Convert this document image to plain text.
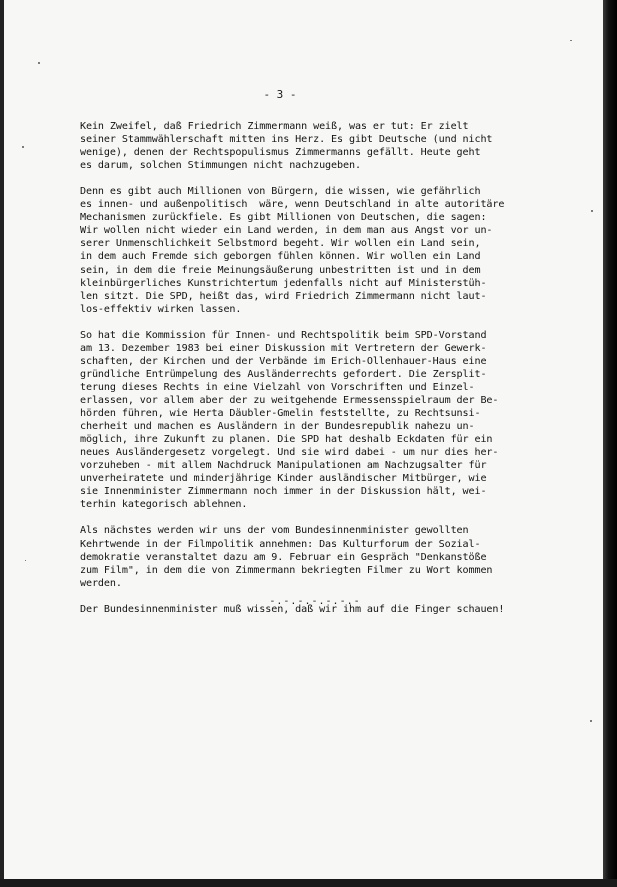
- 3 -
Kein Zweifel, daß Friedrich Zimmermann weiß, was er tut: Er zielt
seiner Stammwählerschaft mitten ins Herz. Es gibt Deutsche (und nicht
wenige), denen der Rechtspopulismus Zimmermanns gefällt. Heute geht
es darum, solchen Stimmungen nicht nachzugeben.
Denn es gibt auch Millionen von Bürgern, die wissen, wie gefährlich
es innen- und außenpolitisch  wäre, wenn Deutschland in alte autoritäre
Mechanismen zurückfiele. Es gibt Millionen von Deutschen, die sagen:
Wir wollen nicht wieder ein Land werden, in dem man aus Angst vor un-
serer Unmenschlichkeit Selbstmord begeht. Wir wollen ein Land sein,
in dem auch Fremde sich geborgen fühlen können. Wir wollen ein Land
sein, in dem die freie Meinungsäußerung unbestritten ist und in dem
kleinbürgerliches Kunstrichtertum jedenfalls nicht auf Ministerstüh-
len sitzt. Die SPD, heißt das, wird Friedrich Zimmermann nicht laut-
los-effektiv wirken lassen.
So hat die Kommission für Innen- und Rechtspolitik beim SPD-Vorstand
am 13. Dezember 1983 bei einer Diskussion mit Vertretern der Gewerk-
schaften, der Kirchen und der Verbände im Erich-Ollenhauer-Haus eine
gründliche Entrümpelung des Ausländerrechts gefordert. Die Zersplit-
terung dieses Rechts in eine Vielzahl von Vorschriften und Einzel-
erlassen, vor allem aber der zu weitgehende Ermessensspielraum der Be-
hörden führen, wie Herta Däubler-Gmelin feststellte, zu Rechtsunsi-
cherheit und machen es Ausländern in der Bundesrepublik nahezu un-
möglich, ihre Zukunft zu planen. Die SPD hat deshalb Eckdaten für ein
neues Ausländergesetz vorgelegt. Und sie wird dabei - um nur dies her-
vorzuheben - mit allem Nachdruck Manipulationen am Nachzugsalter für
unverheiratete und minderjährige Kinder ausländischer Mitbürger, wie
sie Innenminister Zimmermann noch immer in der Diskussion hält, wei-
terhin kategorisch ablehnen.
Als nächstes werden wir uns der vom Bundesinnenminister gewollten
Kehrtwende in der Filmpolitik annehmen: Das Kulturforum der Sozial-
demokratie veranstaltet dazu am 9. Februar ein Gespräch "Denkanstöße
zum Film", in dem die von Zimmermann bekriegten Filmer zu Wort kommen
werden.
Der Bundesinnenminister muß wissen, daß wir ihm auf die Finger schauen!
-.-.-.-.-.-.-
